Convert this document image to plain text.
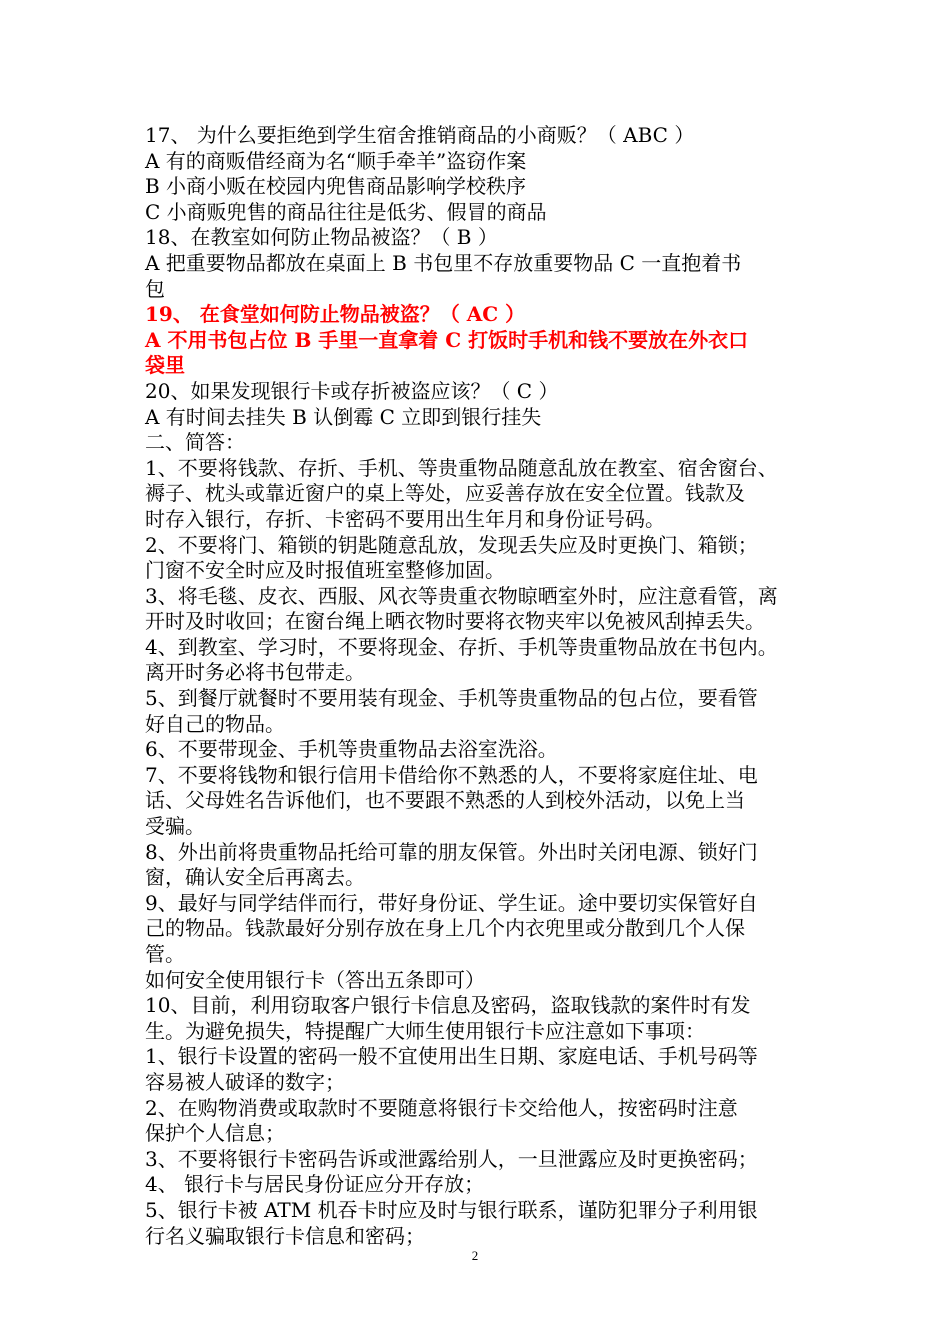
17、 为什么要拒绝到学生宿舍推销商品的小商贩？（ ABC ）
A 有的商贩借经商为名“顺手牵羊”盗窃作案
B 小商小贩在校园内兜售商品影响学校秩序
C 小商贩兜售的商品往往是低劣、假冒的商品
18、在教室如何防止物品被盗？（ B ）
A 把重要物品都放在桌面上 B 书包里不存放重要物品 C 一直抱着书
包
19、 在食堂如何防止物品被盗？（ AC ）
A 不用书包占位 B 手里一直拿着 C 打饭时手机和钱不要放在外衣口
袋里
20、如果发现银行卡或存折被盗应该？（ C ）
A 有时间去挂失 B 认倒霉 C 立即到银行挂失
二、简答：
1、不要将钱款、存折、手机、等贵重物品随意乱放在教室、宿舍窗台、
褥子、枕头或靠近窗户的桌上等处，应妥善存放在安全位置。钱款及
时存入银行，存折、卡密码不要用出生年月和身份证号码。
2、不要将门、箱锁的钥匙随意乱放，发现丢失应及时更换门、箱锁；
门窗不安全时应及时报值班室整修加固。
3、将毛毯、皮衣、西服、风衣等贵重衣物晾晒室外时，应注意看管，离
开时及时收回；在窗台绳上晒衣物时要将衣物夹牢以免被风刮掉丢失。
4、到教室、学习时，不要将现金、存折、手机等贵重物品放在书包内。
离开时务必将书包带走。
5、到餐厅就餐时不要用装有现金、手机等贵重物品的包占位，要看管
好自己的物品。
6、不要带现金、手机等贵重物品去浴室洗浴。
7、不要将钱物和银行信用卡借给你不熟悉的人，不要将家庭住址、电
话、父母姓名告诉他们，也不要跟不熟悉的人到校外活动，以免上当
受骗。
8、外出前将贵重物品托给可靠的朋友保管。外出时关闭电源、锁好门
窗，确认安全后再离去。
9、最好与同学结伴而行，带好身份证、学生证。途中要切实保管好自
己的物品。钱款最好分别存放在身上几个内衣兜里或分散到几个人保
管。
如何安全使用银行卡（答出五条即可）
10、目前，利用窃取客户银行卡信息及密码，盗取钱款的案件时有发
生。为避免损失，特提醒广大师生使用银行卡应注意如下事项：
1、银行卡设置的密码一般不宜使用出生日期、家庭电话、手机号码等
容易被人破译的数字；
2、在购物消费或取款时不要随意将银行卡交给他人，按密码时注意
保护个人信息；
3、不要将银行卡密码告诉或泄露给别人，一旦泄露应及时更换密码；
4、 银行卡与居民身份证应分开存放；
5、银行卡被 ATM 机吞卡时应及时与银行联系，谨防犯罪分子利用银
行名义骗取银行卡信息和密码；
2
